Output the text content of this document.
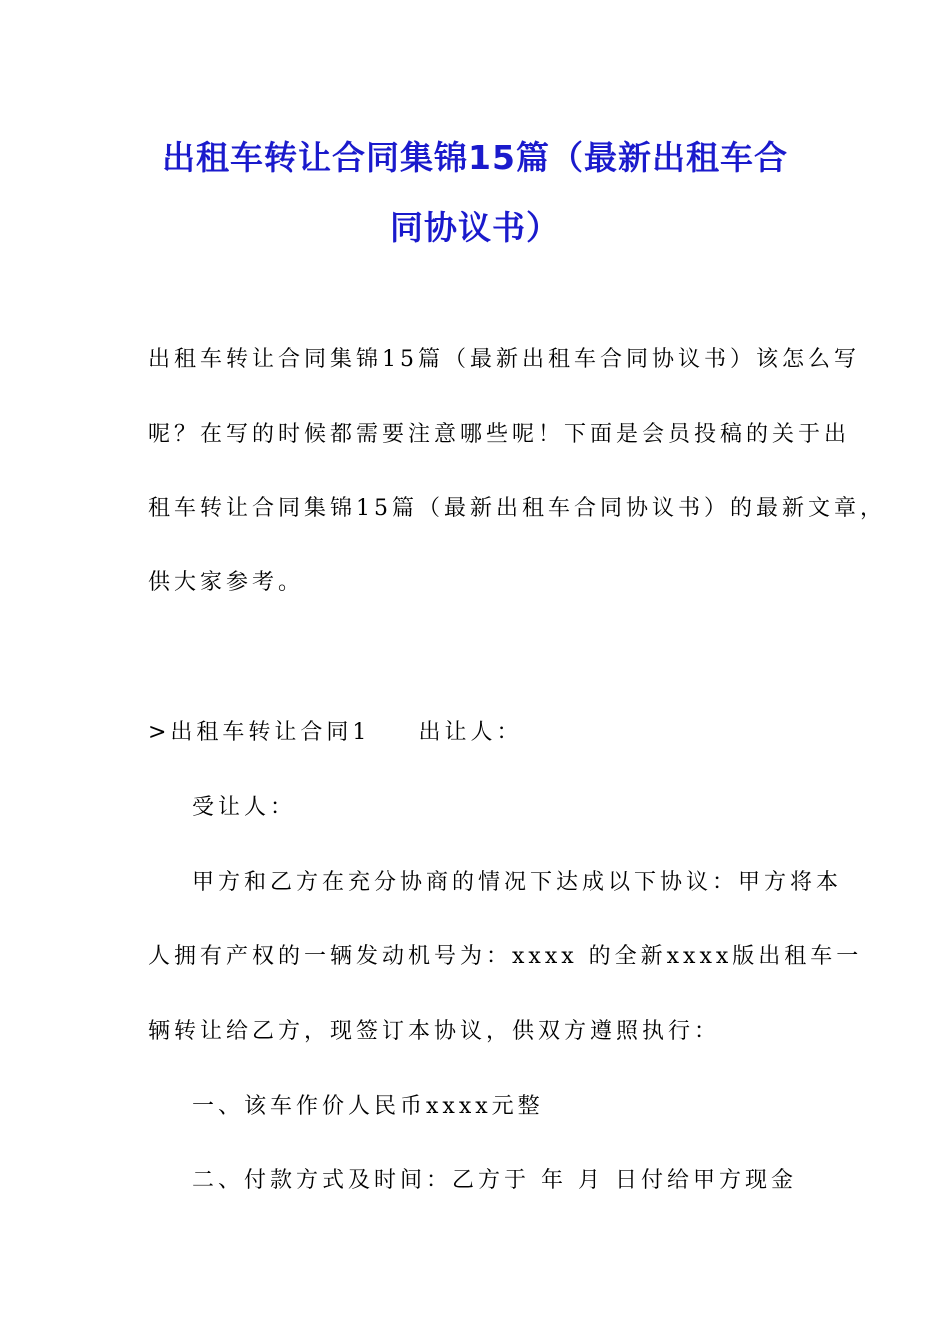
出租车转让合同集锦15篇（最新出租车合
同协议书）
出租车转让合同集锦15篇（最新出租车合同协议书）该怎么写
呢？在写的时候都需要注意哪些呢！下面是会员投稿的关于出
租车转让合同集锦15篇（最新出租车合同协议书）的最新文章，
供大家参考。
>出租车转让合同1 出让人：
受让人：
甲方和乙方在充分协商的情况下达成以下协议：甲方将本
人拥有产权的一辆发动机号为：xxxx 的全新xxxx版出租车一
辆转让给乙方，现签订本协议，供双方遵照执行：
一、该车作价人民币xxxx元整
二、付款方式及时间：乙方于 年 月 日付给甲方现金
